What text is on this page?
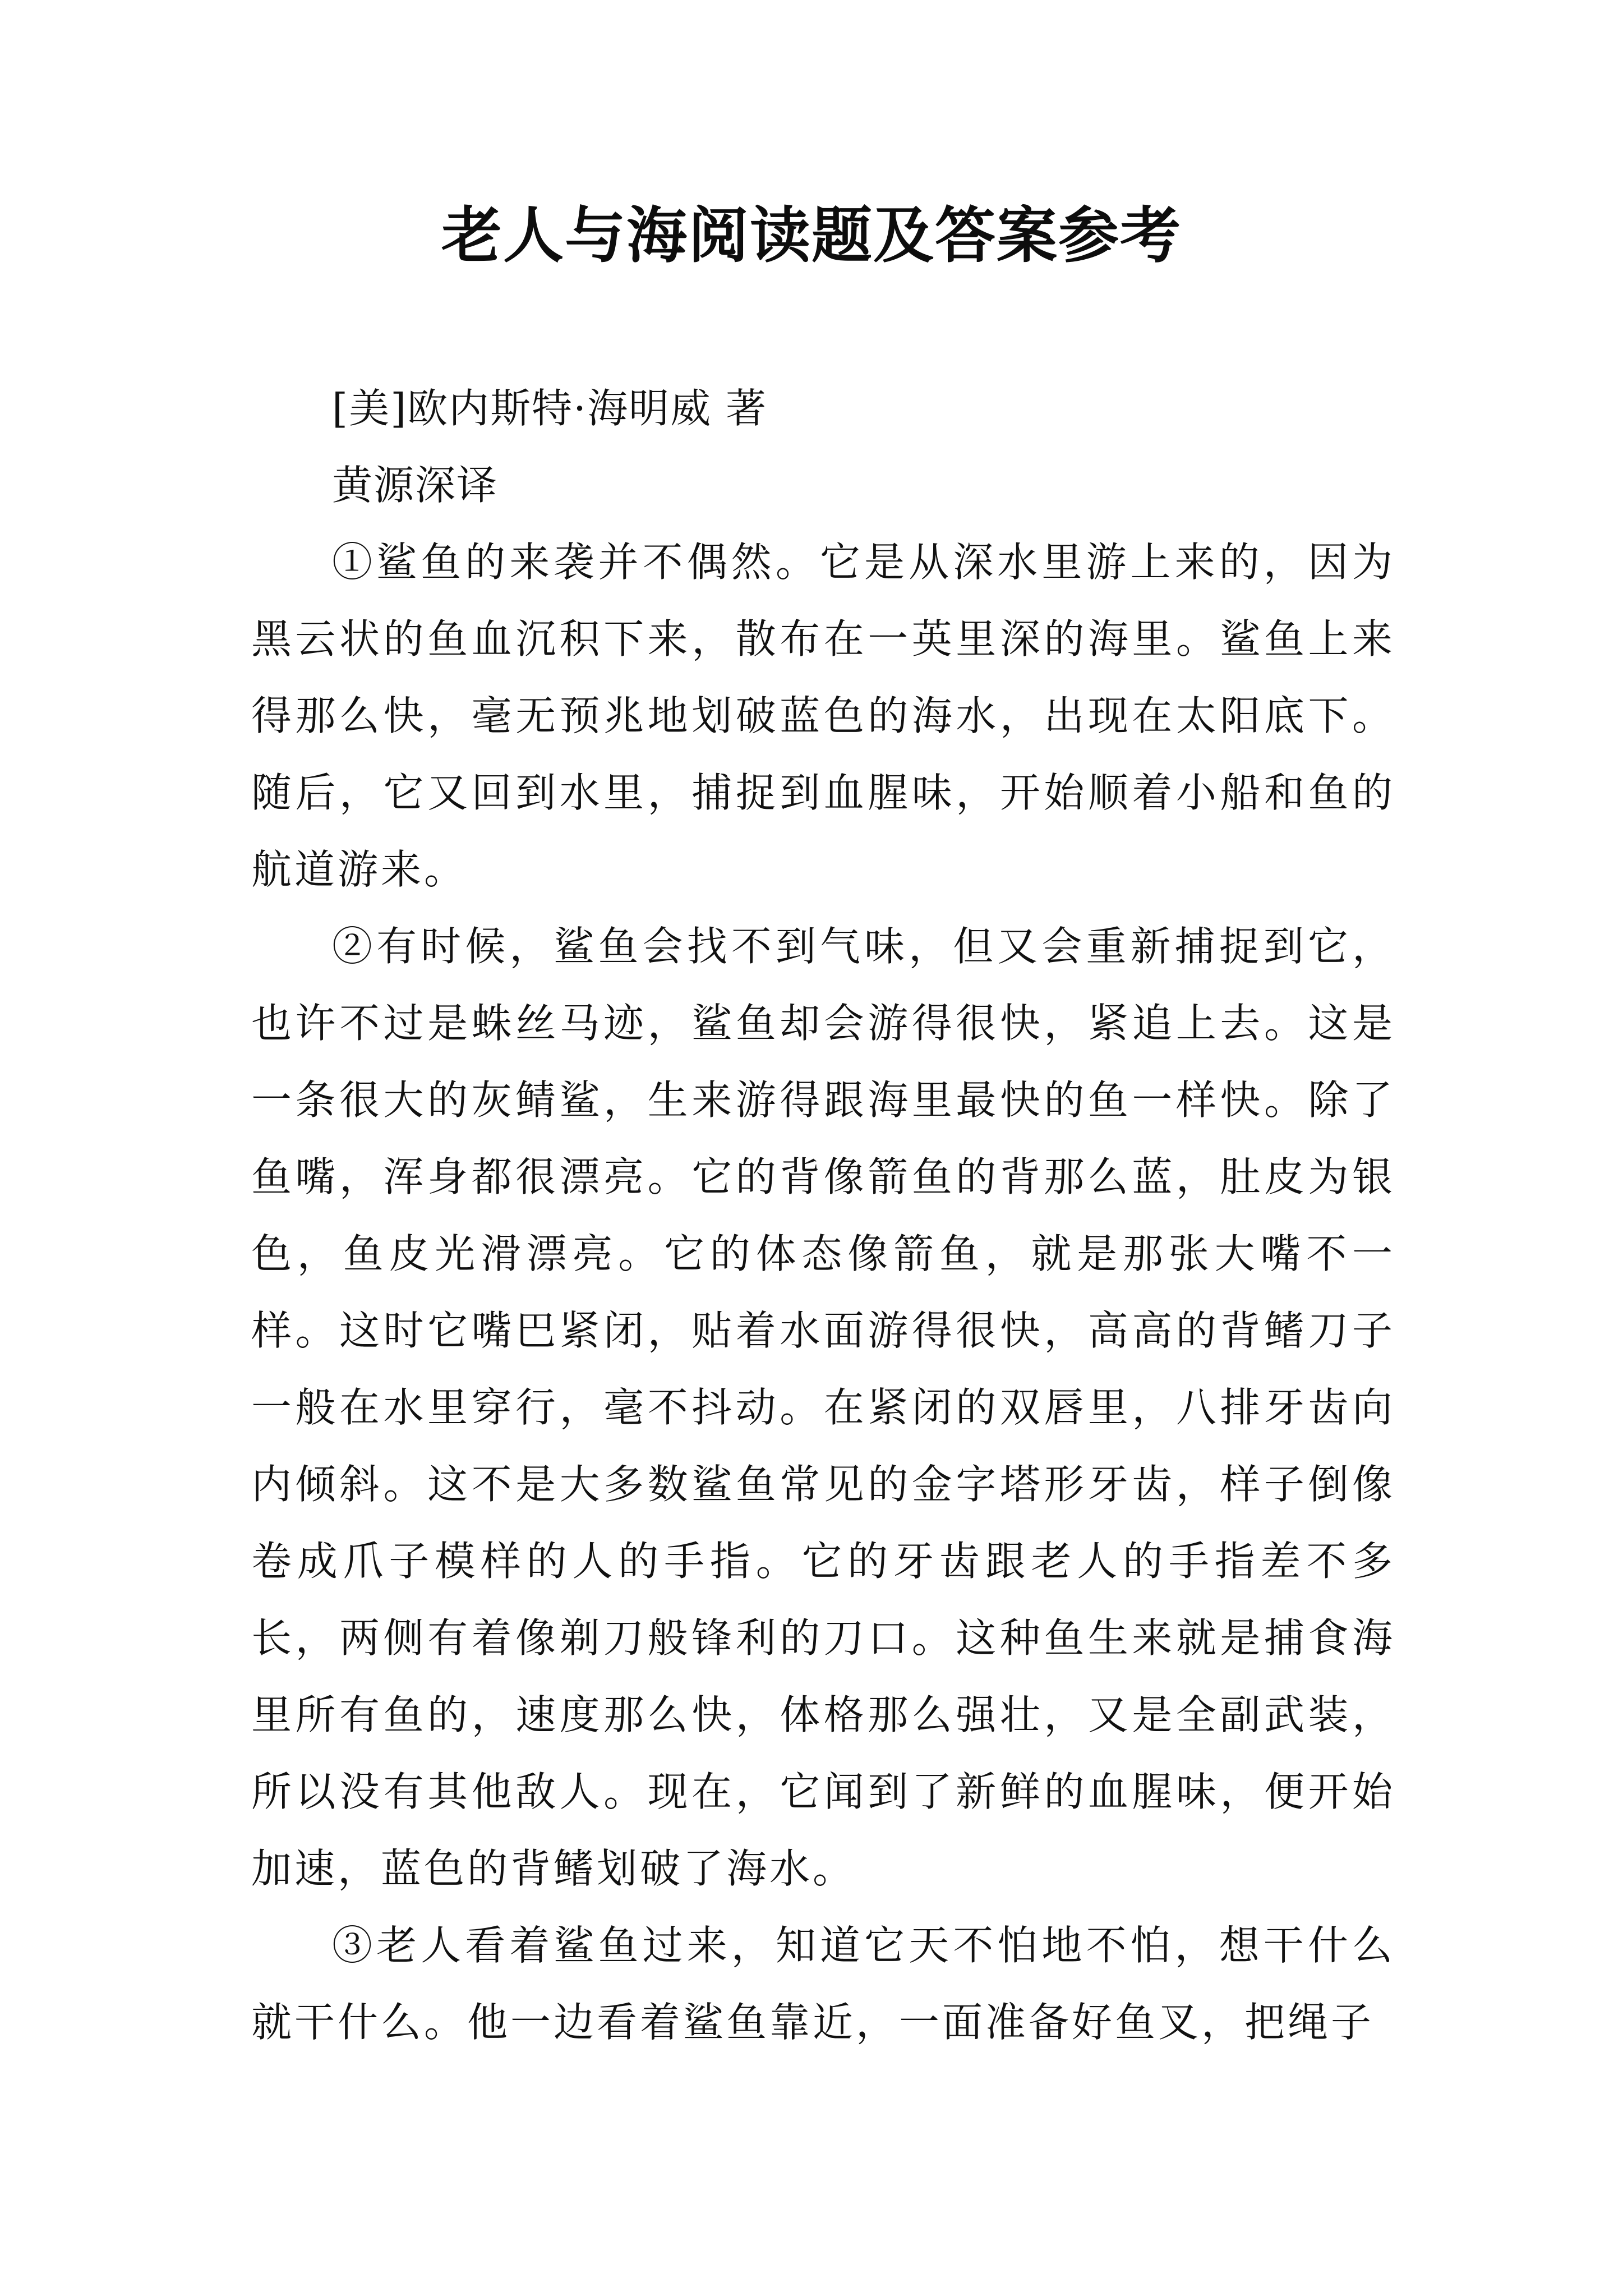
老人与海阅读题及答案参考

[美]欧内斯特·海明威 著

黄源深译

①鲨鱼的来袭并不偶然。它是从深水里游上来的，因为黑云状的鱼血沉积下来，散布在一英里深的海里。鲨鱼上来得那么快，毫无预兆地划破蓝色的海水，出现在太阳底下。随后，它又回到水里，捕捉到血腥味，开始顺着小船和鱼的航道游来。

②有时候，鲨鱼会找不到气味，但又会重新捕捉到它，也许不过是蛛丝马迹，鲨鱼却会游得很快，紧追上去。这是一条很大的灰鲭鲨，生来游得跟海里最快的鱼一样快。除了鱼嘴，浑身都很漂亮。它的背像箭鱼的背那么蓝，肚皮为银色，鱼皮光滑漂亮。它的体态像箭鱼，就是那张大嘴不一样。这时它嘴巴紧闭，贴着水面游得很快，高高的背鳍刀子一般在水里穿行，毫不抖动。在紧闭的双唇里，八排牙齿向内倾斜。这不是大多数鲨鱼常见的金字塔形牙齿，样子倒像卷成爪子模样的人的手指。它的牙齿跟老人的手指差不多长，两侧有着像剃刀般锋利的刀口。这种鱼生来就是捕食海里所有鱼的，速度那么快，体格那么强壮，又是全副武装，所以没有其他敌人。现在，它闻到了新鲜的血腥味，便开始加速，蓝色的背鳍划破了海水。

③老人看着鲨鱼过来，知道它天不怕地不怕，想干什么就干什么。他一边看着鲨鱼靠近，一面准备好鱼叉，把绳子
